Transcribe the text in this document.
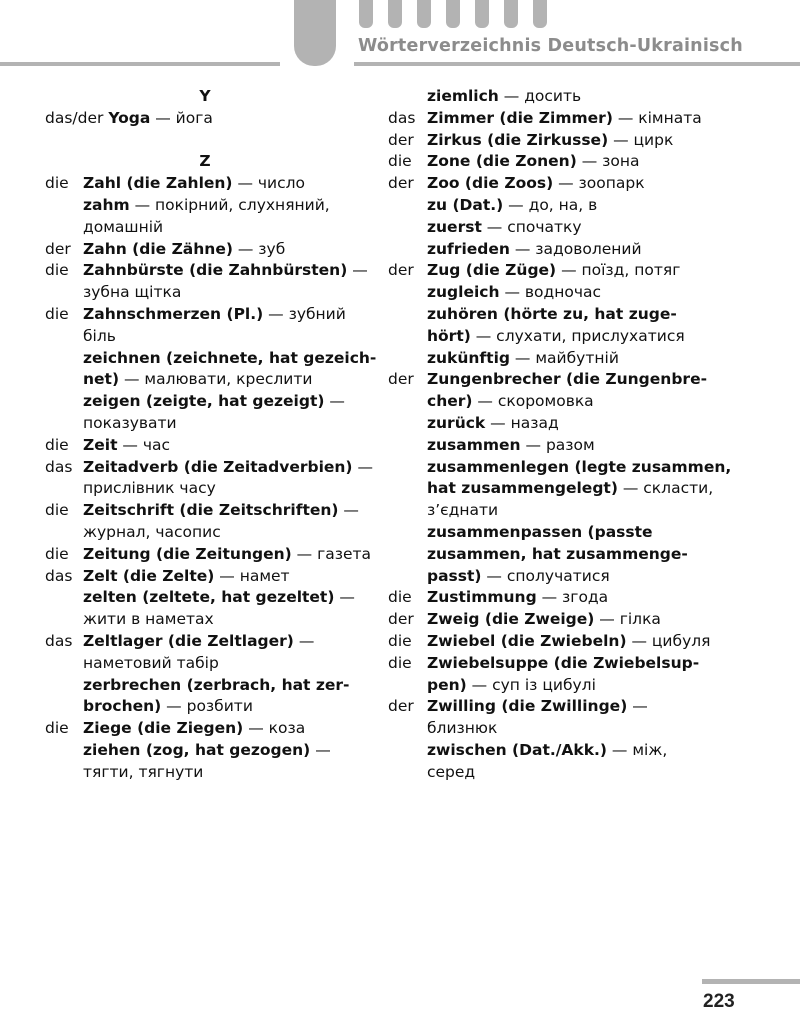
Wörterverzeichnis Deutsch-Ukrainisch
Y
das/der Yoga — йога
Z
die Zahl (die Zahlen) — число
zahm — покірний, слухняний,
домашній
der Zahn (die Zähne) — зуб
die Zahnbürste (die Zahnbürsten) —
зубна щітка
die Zahnschmerzen (Pl.) — зубний
біль
zeichnen (zeichnete, hat gezeich-
net) — малювати, креслити
zeigen (zeigte, hat gezeigt) —
показувати
die Zeit — час
das Zeitadverb (die Zeitadverbien) —
прислівник часу
die Zeitschrift (die Zeitschriften) —
журнал, часопис
die Zeitung (die Zeitungen) — газета
das Zelt (die Zelte) — намет
zelten (zeltete, hat gezeltet) —
жити в наметах
das Zeltlager (die Zeltlager) —
наметовий табір
zerbrechen (zerbrach, hat zer-
brochen) — розбити
die Ziege (die Ziegen) — коза
ziehen (zog, hat gezogen) —
тягти, тягнути
ziemlich — досить
das Zimmer (die Zimmer) — кімната
der Zirkus (die Zirkusse) — цирк
die Zone (die Zonen) — зона
der Zoo (die Zoos) — зоопарк
zu (Dat.) — до, на, в
zuerst — спочатку
zufrieden — задоволений
der Zug (die Züge) — поїзд, потяг
zugleich — водночас
zuhören (hörte zu, hat zuge-
hört) — слухати, прислухатися
zukünftig — майбутній
der Zungenbrecher (die Zungenbre-
cher) — скоромовка
zurück — назад
zusammen — разом
zusammenlegen (legte zusammen,
hat zusammengelegt) — скласти,
з’єднати
zusammenpassen (passte
zusammen, hat zusammenge-
passt) — сполучатися
die Zustimmung — згода
der Zweig (die Zweige) — гілка
die Zwiebel (die Zwiebeln) — цибуля
die Zwiebelsuppe (die Zwiebelsup-
pen) — суп із цибулі
der Zwilling (die Zwillinge) —
близнюк
zwischen (Dat./Akk.) — між,
серед
223
